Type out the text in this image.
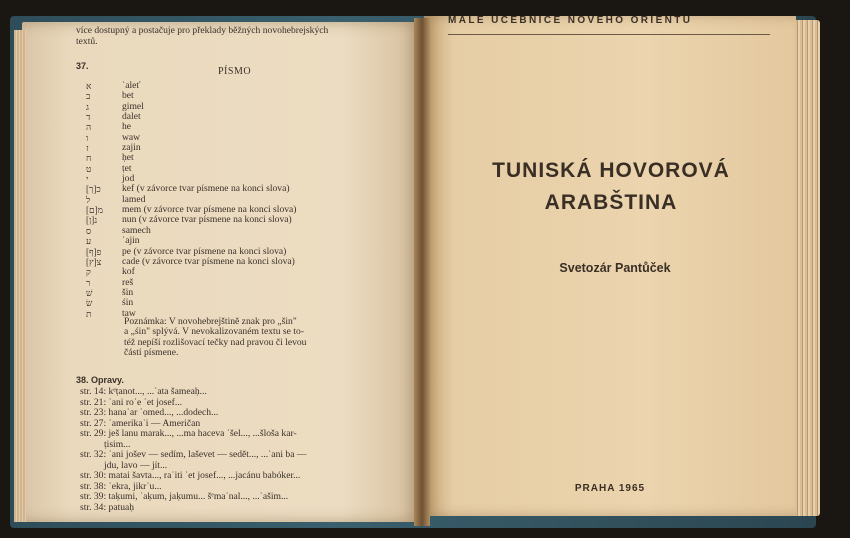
více dostupný a postačuje pro překlady běžných novohebrejských
textů.
37.	PÍSMO
א	ʾaleť
ב	bet
ג	gimel
ד	dalet
ה	he
ו	waw
ז	zajin
ח	ḥet
ט	ṭet
י	jod
כ[ך]	kef (v závorce tvar písmene na konci slova)
ל	lamed
מ[ם]	mem (v závorce tvar písmene na konci slova)
נ[ן]	nun (v závorce tvar písmene na konci slova)
ס	samech
ע	ʿajin
פ[ף]	pe (v závorce tvar písmene na konci slova)
צ[ץ]	cade (v závorce tvar písmene na konci slova)
ק	kof
ר	reš
שׁ	šin
שׂ	śin
ת	taw
Poznámka: V novohebrejštině znak pro „šin"
a „śin" splývá. V nevokalizovaném textu se to-
též nepíší rozlišovací tečky nad pravou či levou
částí písmene.
38. Opravy.
str. 14: kᵉṭanot..., ...ʾata šameaḥ...
str. 21: ʾani roʾe ʾet josef...
str. 23: hanaʿar ʿomed..., ...dodech...
str. 27: ʾamerikaʾi — Američan
str. 29: ješ lanu marak..., ...ma haceva ʾšel..., ...šloša kar-
ṭisim...
str. 32: ʾani jošev — sedím, laševet — sedět..., ...ʾani ba —
jdu, lavo — jít...
str. 30: matai šavta..., raʾiti ʾet josef..., ...jacánu babóker...
str. 38: ʾekra, jikrʾu...
str. 39: taḳumi, ʾaḳum, jaḳumu... šᵉmaʿnal..., ...ʾašim...
str. 34: patuaḥ
MALÉ UČEBNICE NOVÉHO ORIENTU
TUNISKÁ HOVOROVÁ
ARABŠTINA
Svetozár Pantůček
PRAHA 1965
